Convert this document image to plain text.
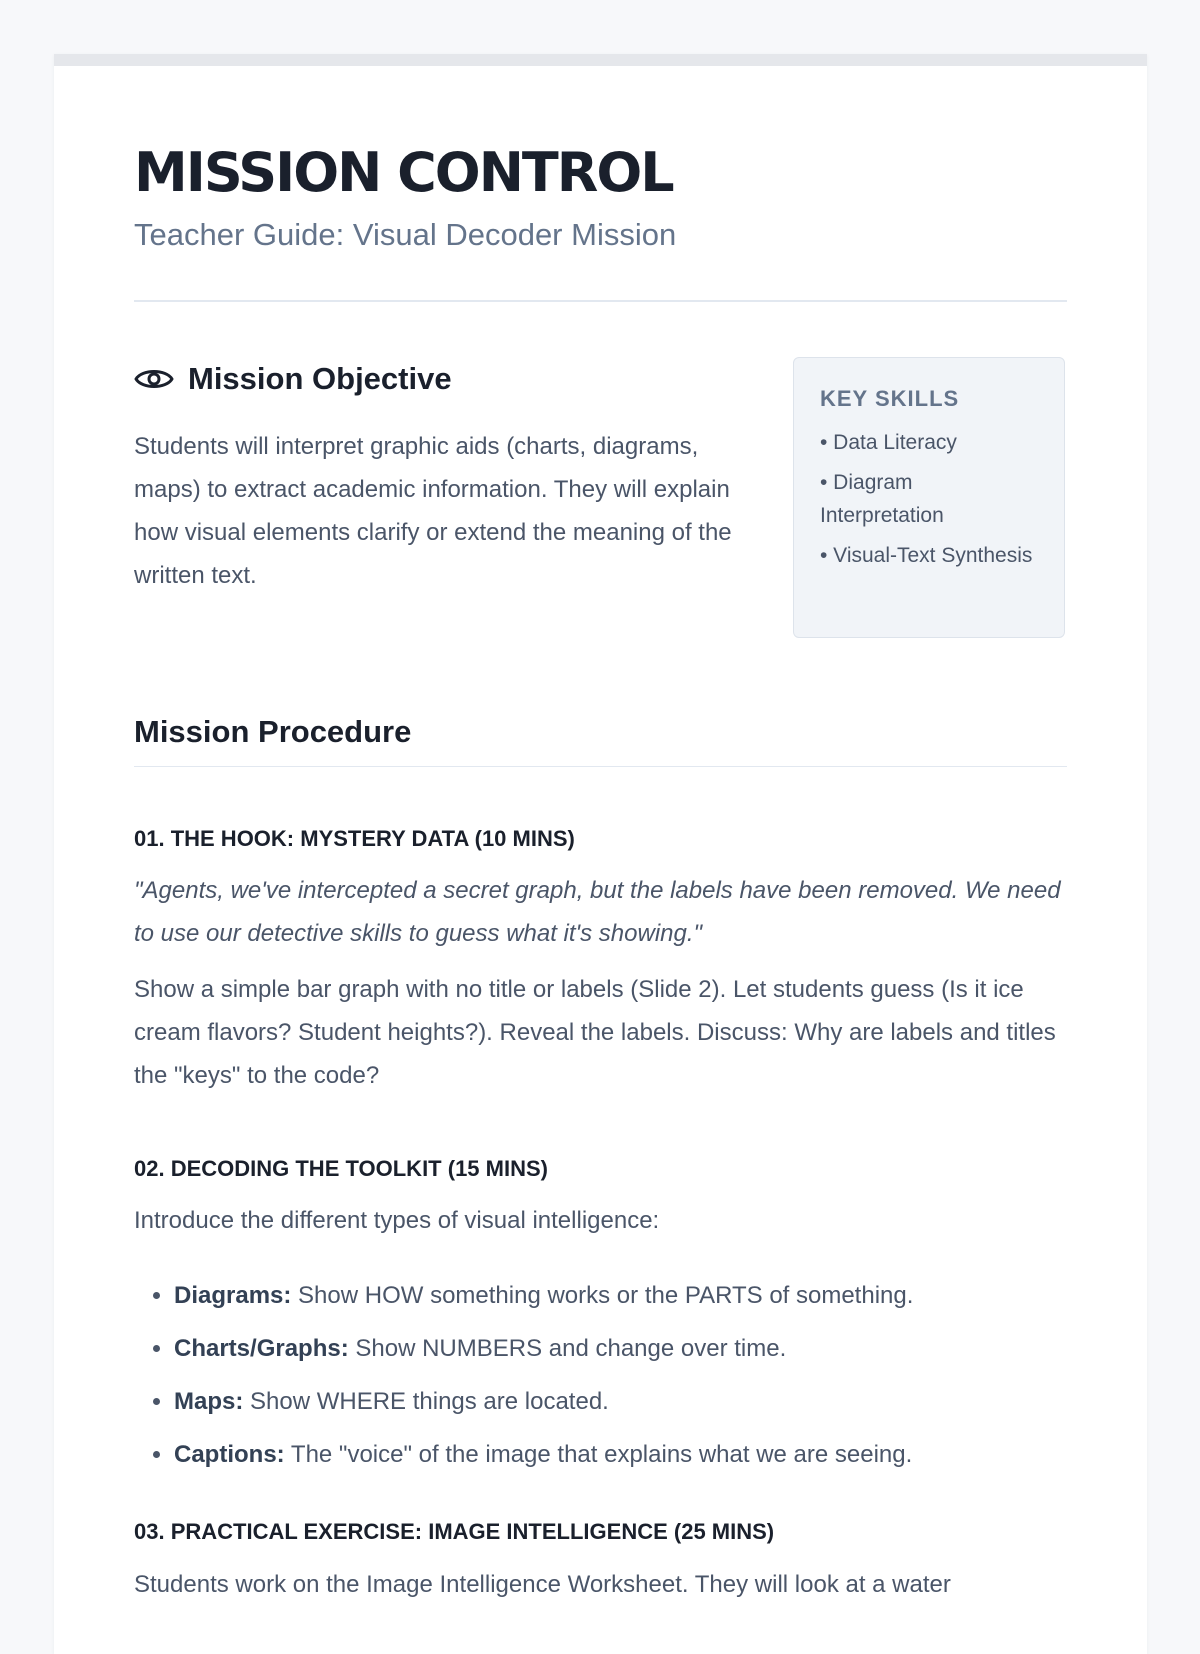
MISSION CONTROL
Teacher Guide: Visual Decoder Mission
Mission Objective

Students will interpret graphic aids (charts, diagrams, maps) to extract academic information. They will explain how visual elements clarify or extend the meaning of the written text.

KEY SKILLS
• Data Literacy
• Diagram Interpretation
• Visual-Text Synthesis
Mission Procedure
01. THE HOOK: MYSTERY DATA (10 MINS)

"Agents, we've intercepted a secret graph, but the labels have been removed. We need to use our detective skills to guess what it's showing."

Show a simple bar graph with no title or labels (Slide 2). Let students guess (Is it ice cream flavors? Student heights?). Reveal the labels. Discuss: Why are labels and titles the "keys" to the code?

02. DECODING THE TOOLKIT (15 MINS)

Introduce the different types of visual intelligence:

• Diagrams: Show HOW something works or the PARTS of something.
• Charts/Graphs: Show NUMBERS and change over time.
• Maps: Show WHERE things are located.
• Captions: The "voice" of the image that explains what we are seeing.
03. PRACTICAL EXERCISE: IMAGE INTELLIGENCE (25 MINS)

Students work on the Image Intelligence Worksheet. They will look at a water
